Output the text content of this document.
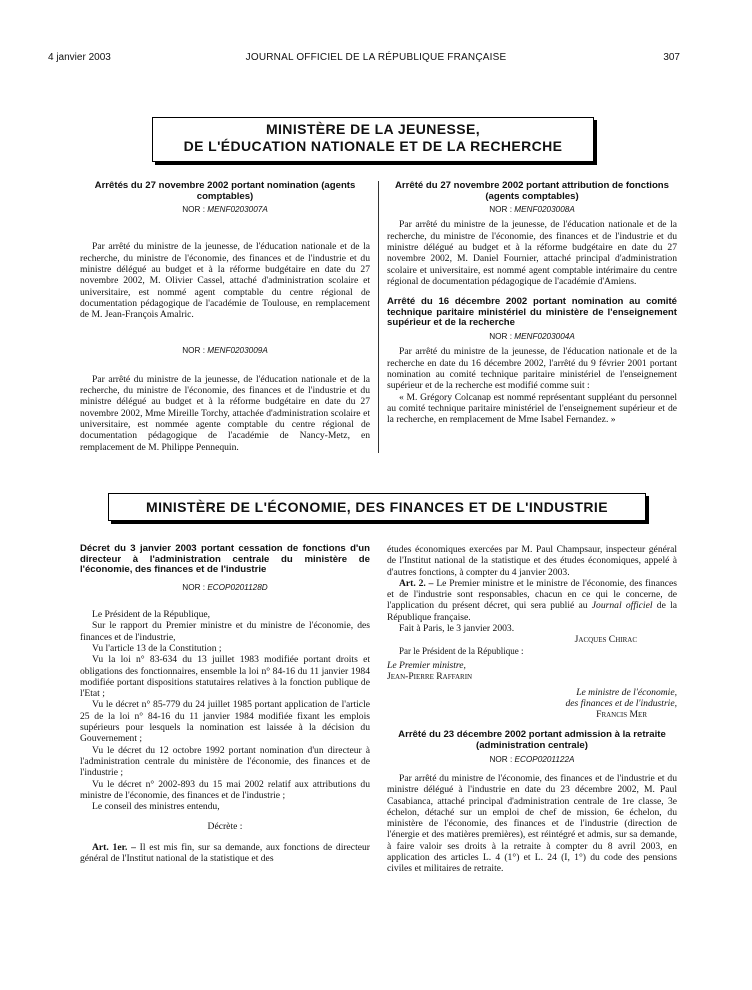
4 janvier 2003	JOURNAL OFFICIEL DE LA RÉPUBLIQUE FRANÇAISE	307
MINISTÈRE DE LA JEUNESSE,
DE L'ÉDUCATION NATIONALE ET DE LA RECHERCHE
Arrêtés du 27 novembre 2002 portant nomination (agents comptables)
NOR : MENF0203007A

Par arrêté du ministre de la jeunesse, de l'éducation nationale et de la recherche, du ministre de l'économie, des finances et de l'industrie et du ministre délégué au budget et à la réforme budgétaire en date du 27 novembre 2002, M. Olivier Cassel, attaché d'administration scolaire et universitaire, est nommé agent comptable du centre régional de documentation pédagogique de l'académie de Toulouse, en remplacement de M. Jean-François Amalric.

NOR : MENF0203009A

Par arrêté du ministre de la jeunesse, de l'éducation nationale et de la recherche, du ministre de l'économie, des finances et de l'industrie et du ministre délégué au budget et à la réforme budgétaire en date du 27 novembre 2002, Mme Mireille Torchy, attachée d'administration scolaire et universitaire, est nommée agente comptable du centre régional de documentation pédagogique de l'académie de Nancy-Metz, en remplacement de M. Philippe Pennequin.

Arrêté du 27 novembre 2002 portant attribution de fonctions (agents comptables)
NOR : MENF0203008A

Par arrêté du ministre de la jeunesse, de l'éducation nationale et de la recherche, du ministre de l'économie, des finances et de l'industrie et du ministre délégué au budget et à la réforme budgétaire en date du 27 novembre 2002, M. Daniel Fournier, attaché principal d'administration scolaire et universitaire, est nommé agent comptable intérimaire du centre régional de documentation pédagogique de l'académie d'Amiens.

Arrêté du 16 décembre 2002 portant nomination au comité technique paritaire ministériel du ministère de l'enseignement supérieur et de la recherche
NOR : MENF0203004A

Par arrêté du ministre de la jeunesse, de l'éducation nationale et de la recherche en date du 16 décembre 2002, l'arrêté du 9 février 2001 portant nomination au comité technique paritaire ministériel de l'enseignement supérieur et de la recherche est modifié comme suit :

« M. Grégory Colcanap est nommé représentant suppléant du personnel au comité technique paritaire ministériel de l'enseignement supérieur et de la recherche, en remplacement de Mme Isabel Fernandez. »

MINISTÈRE DE L'ÉCONOMIE, DES FINANCES ET DE L'INDUSTRIE
Décret du 3 janvier 2003 portant cessation de fonctions d'un directeur à l'administration centrale du ministère de l'économie, des finances et de l'industrie
NOR : ECOP0201128D

Le Président de la République,

Sur le rapport du Premier ministre et du ministre de l'économie, des finances et de l'industrie,

Vu l'article 13 de la Constitution ;

Vu la loi n° 83-634 du 13 juillet 1983 modifiée portant droits et obligations des fonctionnaires, ensemble la loi n° 84-16 du 11 janvier 1984 modifiée portant dispositions statutaires relatives à la fonction publique de l'Etat ;

Vu le décret n° 85-779 du 24 juillet 1985 portant application de l'article 25 de la loi n° 84-16 du 11 janvier 1984 modifiée fixant les emplois supérieurs pour lesquels la nomination est laissée à la décision du Gouvernement ;

Vu le décret du 12 octobre 1992 portant nomination d'un directeur à l'administration centrale du ministère de l'économie, des finances et de l'industrie ;

Vu le décret n° 2002-893 du 15 mai 2002 relatif aux attributions du ministre de l'économie, des finances et de l'industrie ;

Le conseil des ministres entendu,

Décrète :

Art. 1er. – Il est mis fin, sur sa demande, aux fonctions de directeur général de l'Institut national de la statistique et des

études économiques exercées par M. Paul Champsaur, inspecteur général de l'Institut national de la statistique et des études économiques, appelé à d'autres fonctions, à compter du 4 janvier 2003.

Art. 2. – Le Premier ministre et le ministre de l'économie, des finances et de l'industrie sont responsables, chacun en ce qui le concerne, de l'application du présent décret, qui sera publié au Journal officiel de la République française.

Fait à Paris, le 3 janvier 2003.

Jacques Chirac
Par le Président de la République :
Le Premier ministre,
Jean-Pierre Raffarin
Le ministre de l'économie,
des finances et de l'industrie,
Francis Mer
Arrêté du 23 décembre 2002 portant admission à la retraite (administration centrale)
NOR : ECOP0201122A

Par arrêté du ministre de l'économie, des finances et de l'industrie et du ministre délégué à l'industrie en date du 23 décembre 2002, M. Paul Casabianca, attaché principal d'administration centrale de 1re classe, 3e échelon, détaché sur un emploi de chef de mission, 6e échelon, du ministère de l'économie, des finances et de l'industrie (direction de l'énergie et des matières premières), est réintégré et admis, sur sa demande, à faire valoir ses droits à la retraite à compter du 8 avril 2003, en application des articles L. 4 (1°) et L. 24 (I, 1°) du code des pensions civiles et militaires de retraite.
